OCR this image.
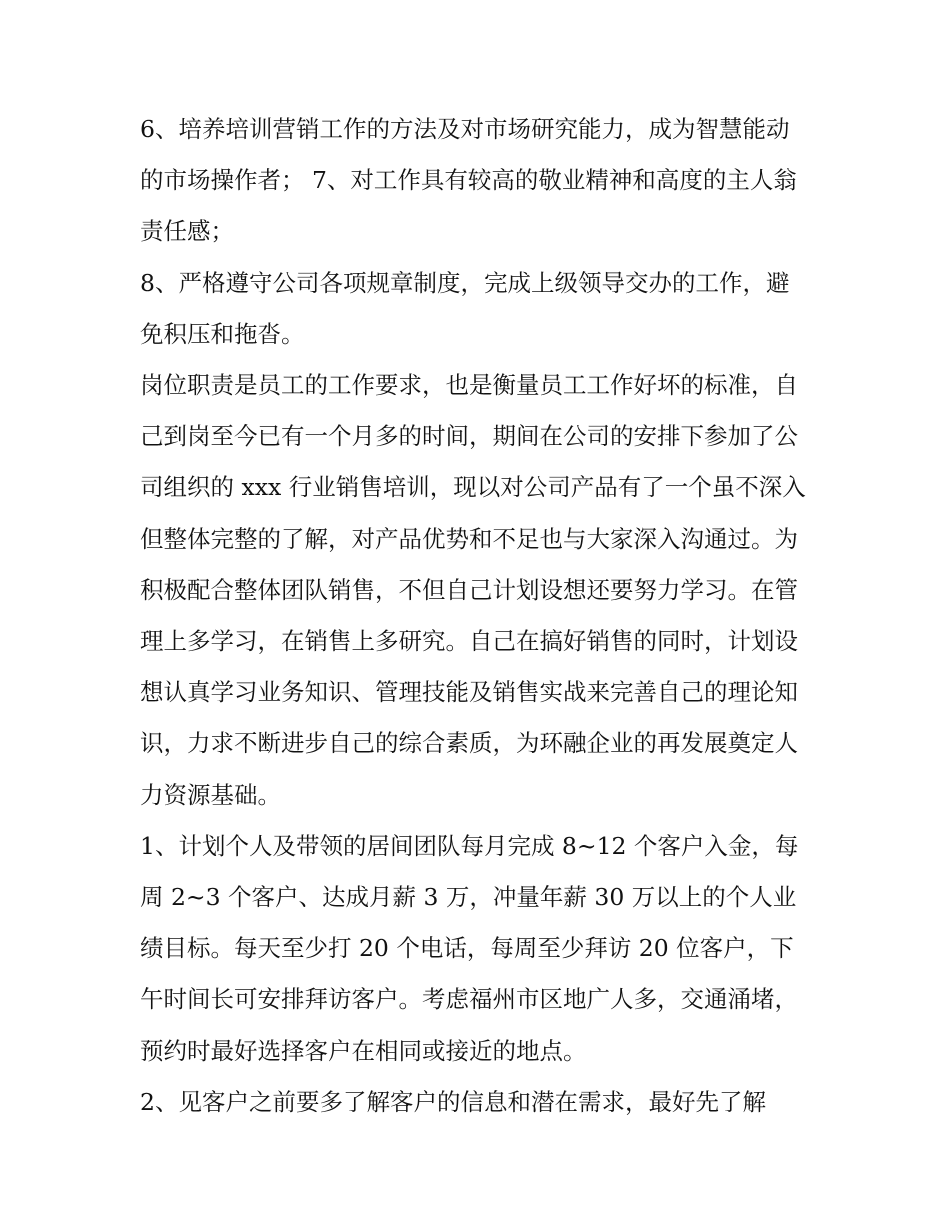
6、培养培训营销工作的方法及对市场研究能力，成为智慧能动的市场操作者； 7、对工作具有较高的敬业精神和高度的主人翁责任感；

8、严格遵守公司各项规章制度，完成上级领导交办的工作，避免积压和拖沓。

岗位职责是员工的工作要求，也是衡量员工工作好坏的标准，自己到岗至今已有一个月多的时间，期间在公司的安排下参加了公司组织的 xxx 行业销售培训，现以对公司产品有了一个虽不深入但整体完整的了解，对产品优势和不足也与大家深入沟通过。为积极配合整体团队销售，不但自己计划设想还要努力学习。在管理上多学习，在销售上多研究。自己在搞好销售的同时，计划设想认真学习业务知识、管理技能及销售实战来完善自己的理论知识，力求不断进步自己的综合素质，为环融企业的再发展奠定人力资源基础。

1、计划个人及带领的居间团队每月完成 8~12 个客户入金，每周 2~3 个客户、达成月薪 3 万，冲量年薪 30 万以上的个人业绩目标。每天至少打 20 个电话，每周至少拜访 20 位客户，下午时间长可安排拜访客户。考虑福州市区地广人多，交通涌堵，预约时最好选择客户在相同或接近的地点。

2、见客户之前要多了解客户的信息和潜在需求，最好先了解
